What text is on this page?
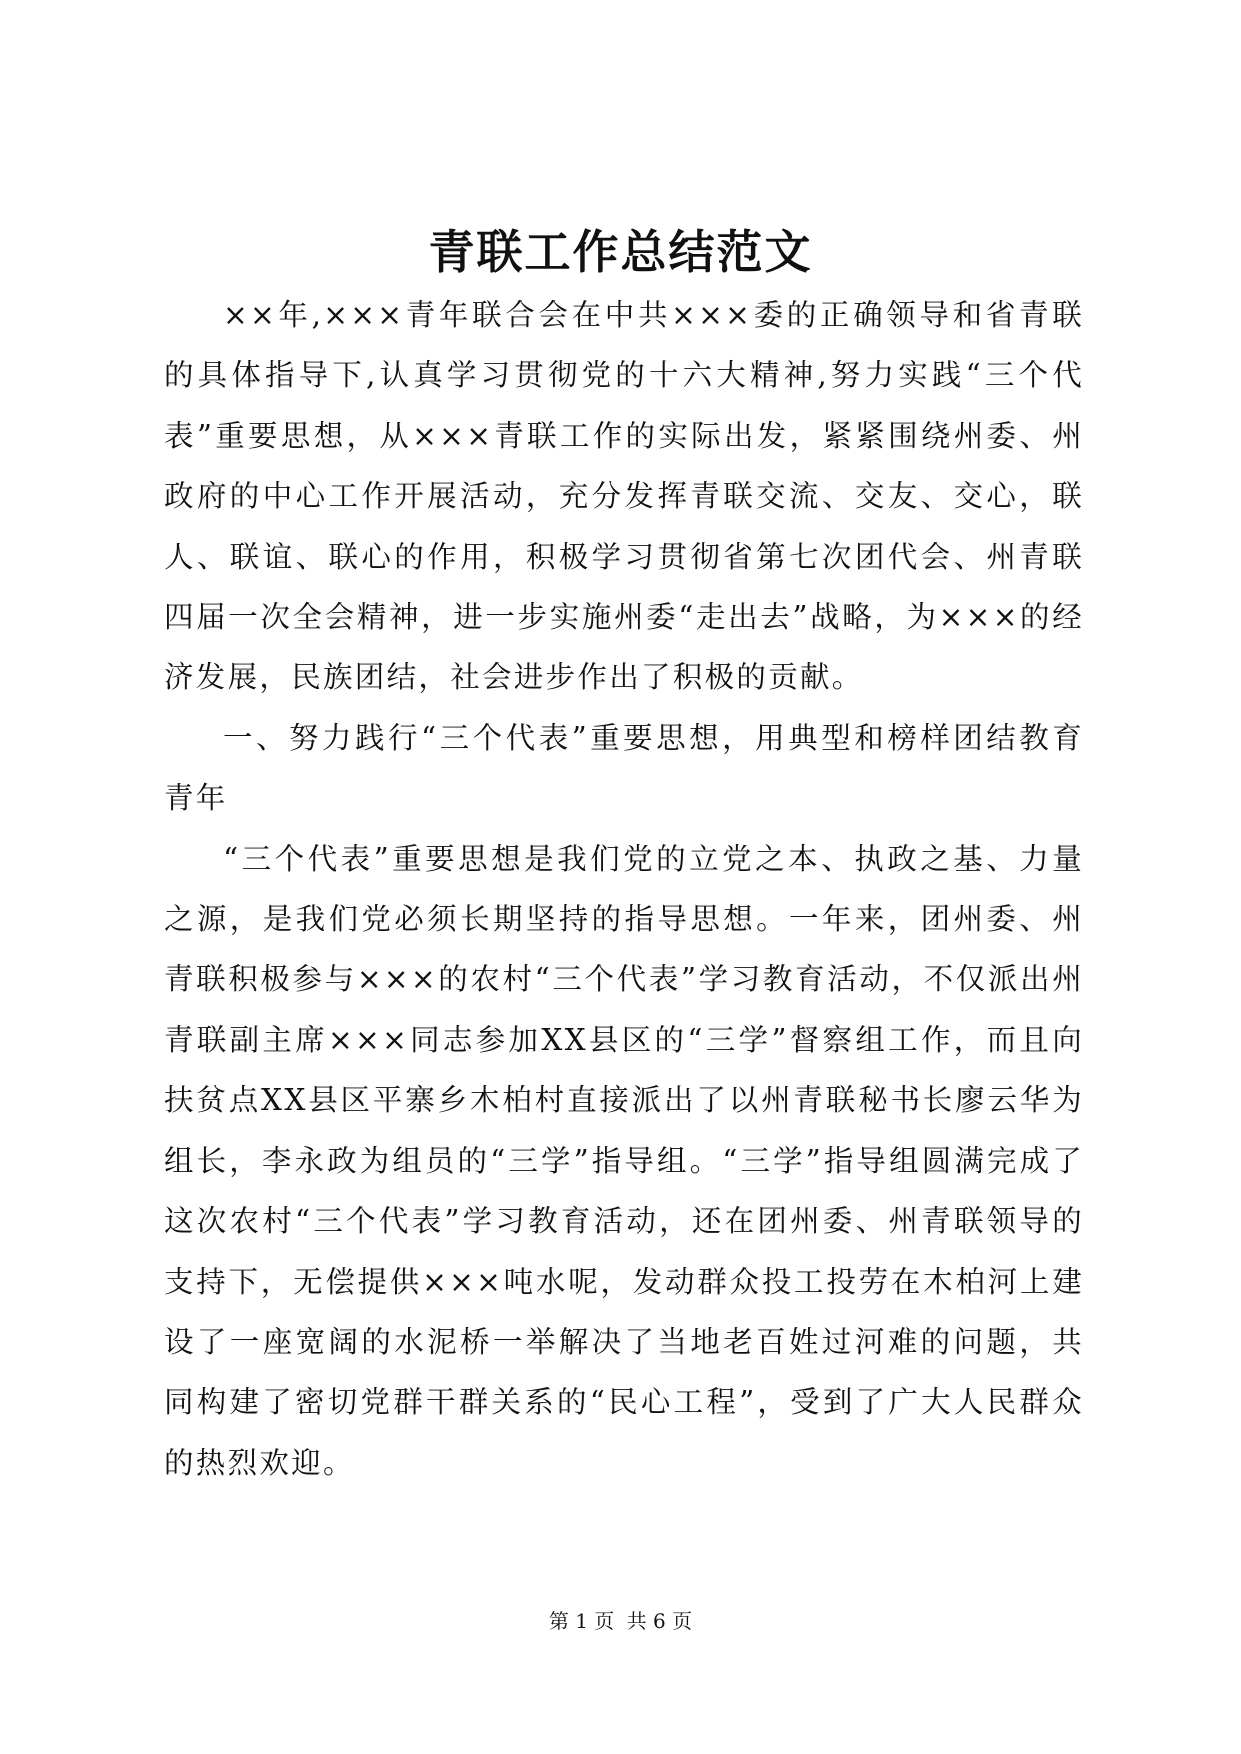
青联工作总结范文

××年,×××青年联合会在中共×××委的正确领导和省青联的具体指导下,认真学习贯彻党的十六大精神,努力实践“三个代表”重要思想，从×××青联工作的实际出发，紧紧围绕州委、州政府的中心工作开展活动，充分发挥青联交流、交友、交心，联人、联谊、联心的作用，积极学习贯彻省第七次团代会、州青联四届一次全会精神，进一步实施州委“走出去”战略，为×××的经济发展，民族团结，社会进步作出了积极的贡献。

一、努力践行“三个代表”重要思想，用典型和榜样团结教育青年

“三个代表”重要思想是我们党的立党之本、执政之基、力量之源，是我们党必须长期坚持的指导思想。一年来，团州委、州青联积极参与×××的农村“三个代表”学习教育活动，不仅派出州青联副主席×××同志参加XX县区的“三学”督察组工作，而且向扶贫点XX县区平寨乡木柏村直接派出了以州青联秘书长廖云华为组长，李永政为组员的“三学”指导组。“三学”指导组圆满完成了这次农村“三个代表”学习教育活动，还在团州委、州青联领导的支持下，无偿提供×××吨水呢，发动群众投工投劳在木柏河上建设了一座宽阔的水泥桥一举解决了当地老百姓过河难的问题，共同构建了密切党群干群关系的“民心工程”，受到了广大人民群众的热烈欢迎。

第 1 页 共 6 页
